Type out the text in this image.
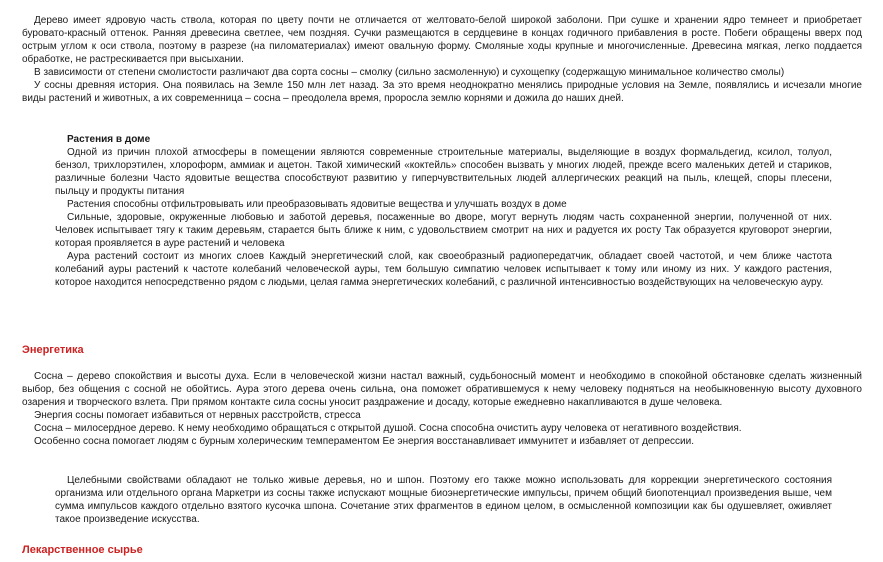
Дерево имеет ядровую часть ствола, которая по цвету почти не отличается от желтовато-белой широкой заболони. При сушке и хранении ядро темнеет и приобретает буровато-красный оттенок. Ранняя древесина светлее, чем поздняя. Сучки размещаются в сердцевине в концах годичного прибавления в росте. Побеги обращены вверх под острым углом к оси ствола, поэтому в разрезе (на пиломатериалах) имеют овальную форму. Смоляные ходы крупные и многочисленные. Древесина мягкая, легко поддается обработке, не растрескивается при высыхании.

В зависимости от степени смолистости различают два сорта сосны – смолку (сильно засмоленную) и сухощепку (содержащую минимальное количество смолы)

У сосны древняя история. Она появилась на Земле 150 млн лет назад. За это время неоднократно менялись природные условия на Земле, появлялись и исчезали многие виды растений и животных, а их современница – сосна – преодолела время, проросла землю корнями и дожила до наших дней.

Растения в доме

Одной из причин плохой атмосферы в помещении являются современные строительные материалы, выделяющие в воздух формальдегид, ксилол, толуол, бензол, трихлорэтилен, хлороформ, аммиак и ацетон. Такой химический «коктейль» способен вызвать у многих людей, прежде всего маленьких детей и стариков, различные болезни Часто ядовитые вещества способствуют развитию у гиперчувствительных людей аллергических реакций на пыль, клещей, споры плесени, пыльцу и продукты питания

Растения способны отфильтровывать или преобразовывать ядовитые вещества и улучшать воздух в доме

Сильные, здоровые, окруженные любовью и заботой деревья, посаженные во дворе, могут вернуть людям часть сохраненной энергии, полученной от них. Человек испытывает тягу к таким деревьям, старается быть ближе к ним, с удовольствием смотрит на них и радуется их росту Так образуется круговорот энергии, которая проявляется в ауре растений и человека

Аура растений состоит из многих слоев Каждый энергетический слой, как своеобразный радиопередатчик, обладает своей частотой, и чем ближе частота колебаний ауры растений к частоте колебаний человеческой ауры, тем большую симпатию человек испытывает к тому или иному из них. У каждого растения, которое находится непосредственно рядом с людьми, целая гамма энергетических колебаний, с различной интенсивностью воздействующих на человеческую ауру.

Энергетика

Сосна – дерево спокойствия и высоты духа. Если в человеческой жизни настал важный, судьбоносный момент и необходимо в спокойной обстановке сделать жизненный выбор, без общения с сосной не обойтись. Аура этого дерева очень сильна, она поможет обратившемуся к нему человеку подняться на необыкновенную высоту духовного озарения и творческого взлета. При прямом контакте сила сосны уносит раздражение и досаду, которые ежедневно накапливаются в душе человека.

Энергия сосны помогает избавиться от нервных расстройств, стресса

Сосна – милосердное дерево. К нему необходимо обращаться с открытой душой. Сосна способна очистить ауру человека от негативного воздействия.

Особенно сосна помогает людям с бурным холерическим темпераментом Ее энергия восстанавливает иммунитет и избавляет от депрессии.

Целебными свойствами обладают не только живые деревья, но и шпон. Поэтому его также можно использовать для коррекции энергетического состояния организма или отдельного органа Маркетри из сосны также испускают мощные биоэнергетические импульсы, причем общий биопотенциал произведения выше, чем сумма импульсов каждого отдельно взятого кусочка шпона. Сочетание этих фрагментов в едином целом, в осмысленной композиции как бы одушевляет, оживляет такое произведение искусства.

Лекарственное сырье
